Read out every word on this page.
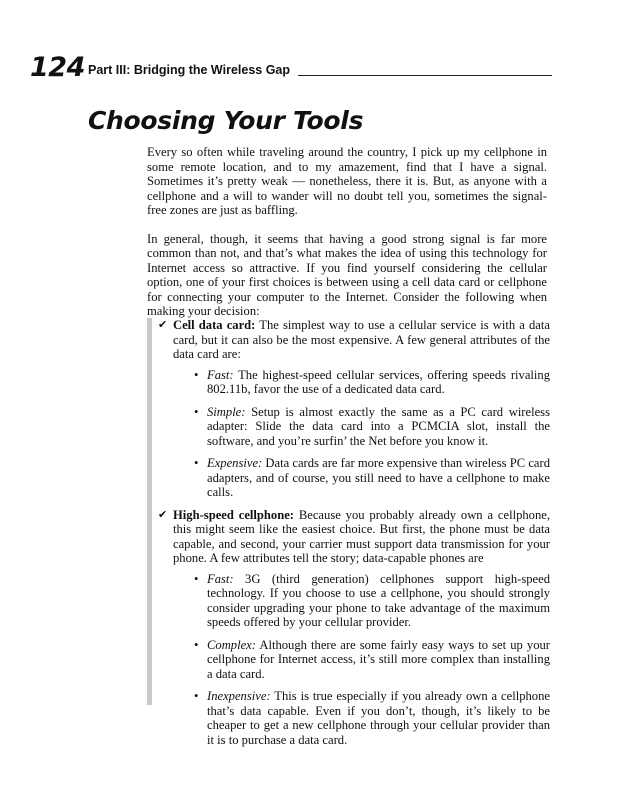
124 Part III: Bridging the Wireless Gap
Choosing Your Tools

Every so often while traveling around the country, I pick up my cellphone in some remote location, and to my amazement, find that I have a signal. Sometimes it’s pretty weak — nonetheless, there it is. But, as anyone with a cellphone and a will to wander will no doubt tell you, sometimes the signal-free zones are just as baffling.

In general, though, it seems that having a good strong signal is far more common than not, and that’s what makes the idea of using this technology for Internet access so attractive. If you find yourself considering the cellular option, one of your first choices is between using a cell data card or cellphone for connecting your computer to the Internet. Consider the following when making your decision:

✔ Cell data card: The simplest way to use a cellular service is with a data card, but it can also be the most expensive. A few general attributes of the data card are:
• Fast: The highest-speed cellular services, offering speeds rivaling 802.11b, favor the use of a dedicated data card.
• Simple: Setup is almost exactly the same as a PC card wireless adapter: Slide the data card into a PCMCIA slot, install the software, and you’re surfin’ the Net before you know it.
• Expensive: Data cards are far more expensive than wireless PC card adapters, and of course, you still need to have a cellphone to make calls.
✔ High-speed cellphone: Because you probably already own a cellphone, this might seem like the easiest choice. But first, the phone must be data capable, and second, your carrier must support data transmission for your phone. A few attributes tell the story; data-capable phones are
• Fast: 3G (third generation) cellphones support high-speed technology. If you choose to use a cellphone, you should strongly consider upgrading your phone to take advantage of the maximum speeds offered by your cellular provider.
• Complex: Although there are some fairly easy ways to set up your cellphone for Internet access, it’s still more complex than installing a data card.
• Inexpensive: This is true especially if you already own a cellphone that’s data capable. Even if you don’t, though, it’s likely to be cheaper to get a new cellphone through your cellular provider than it is to purchase a data card.
